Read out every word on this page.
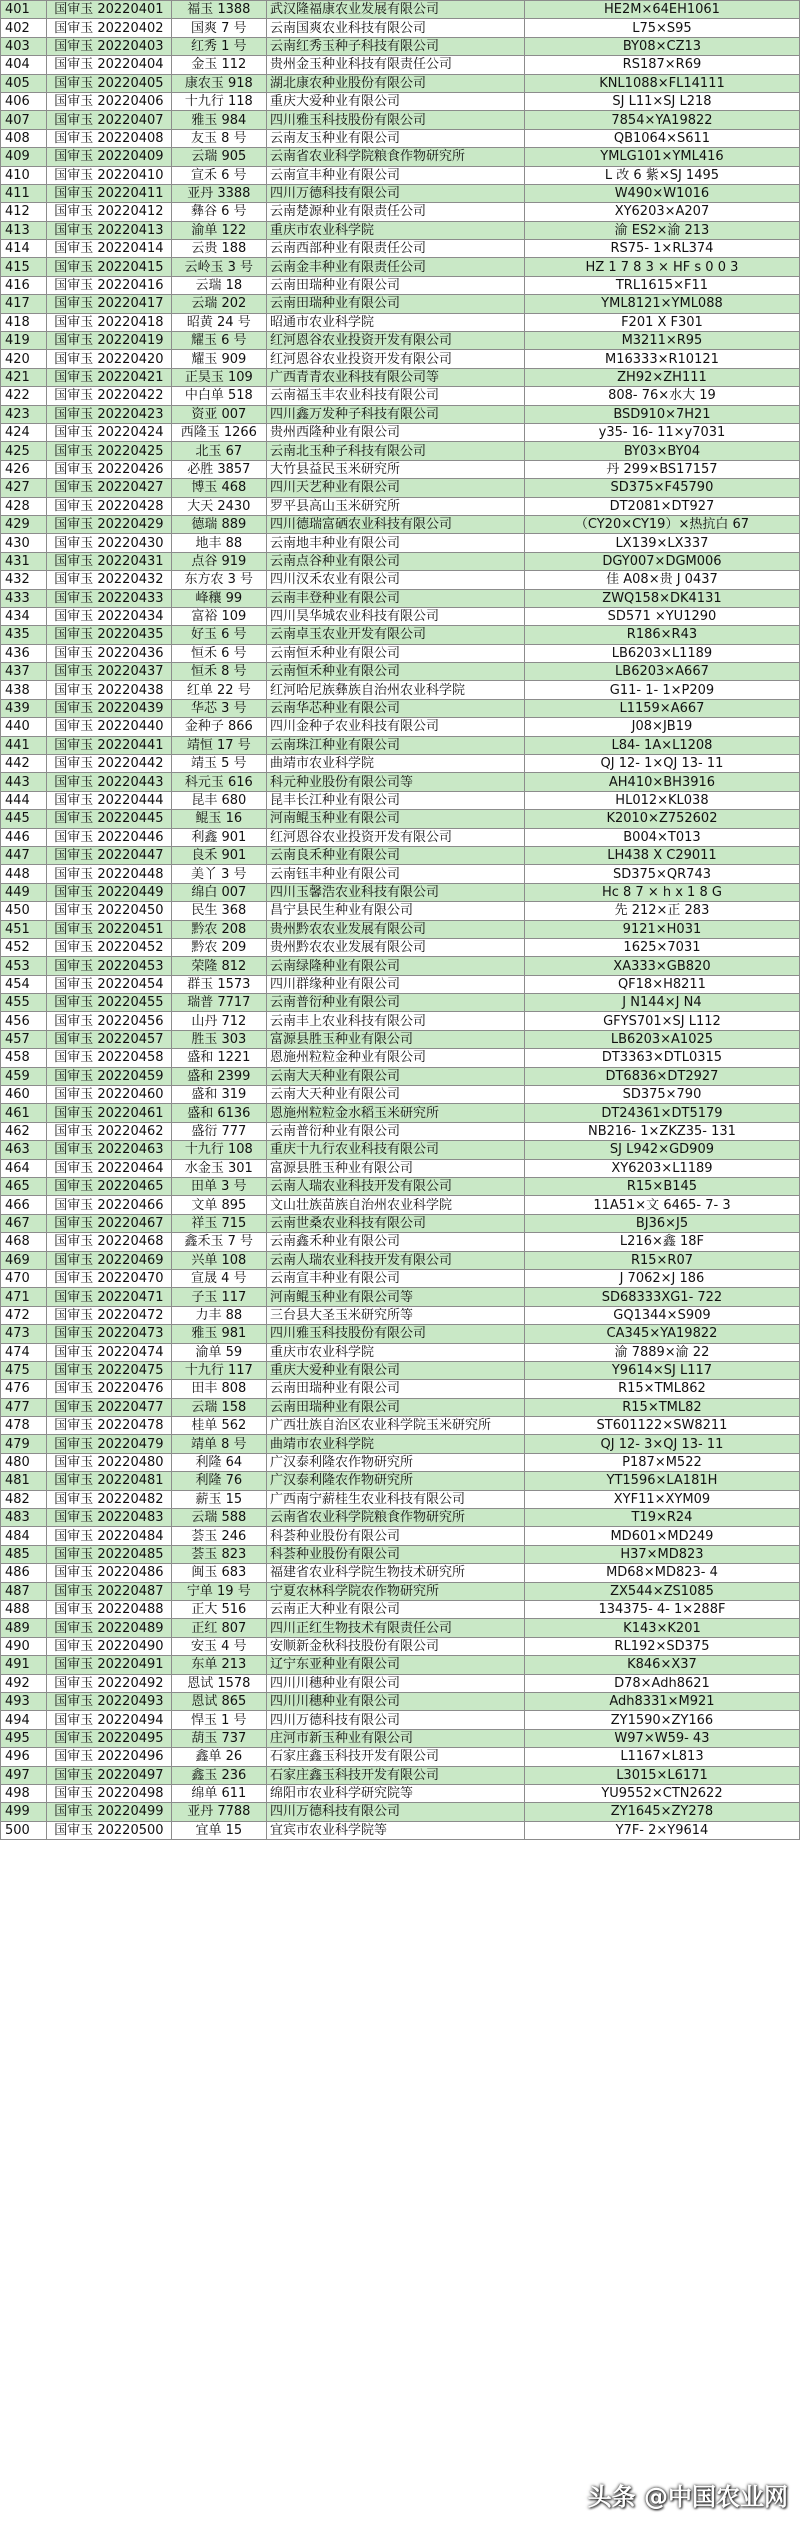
401	国审玉 20220401	福玉 1388	武汉隆福康农业发展有限公司	HE2M×64EH1061
402	国审玉 20220402	国爽 7 号	云南国爽农业科技有限公司	L75×S95
403	国审玉 20220403	红秀 1 号	云南红秀玉种子科技有限公司	BY08×CZ13
404	国审玉 20220404	金玉 112	贵州金玉种业科技有限责任公司	RS187×R69
405	国审玉 20220405	康农玉 918	湖北康农种业股份有限公司	KNL1088×FL14111
406	国审玉 20220406	十九行 118	重庆大爱种业有限公司	SJ L11×SJ L218
407	国审玉 20220407	雅玉 984	四川雅玉科技股份有限公司	7854×YA19822
408	国审玉 20220408	友玉 8 号	云南友玉种业有限公司	QB1064×S611
409	国审玉 20220409	云瑞 905	云南省农业科学院粮食作物研究所	YMLG101×YML416
410	国审玉 20220410	宣禾 6 号	云南宣丰种业有限公司	L 改 6 紫×SJ 1495
411	国审玉 20220411	亚丹 3388	四川万德科技有限公司	W490×W1016
412	国审玉 20220412	彝谷 6 号	云南楚源种业有限责任公司	XY6203×A207
413	国审玉 20220413	渝单 122	重庆市农业科学院	渝 ES2×渝 213
414	国审玉 20220414	云贵 188	云南西部种业有限责任公司	RS75- 1×RL374
415	国审玉 20220415	云岭玉 3 号	云南金丰种业有限责任公司	HZ 1 7 8 3 × HF s 0 0 3
416	国审玉 20220416	云瑞 18	云南田瑞种业有限公司	TRL1615×F11
417	国审玉 20220417	云瑞 202	云南田瑞种业有限公司	YML8121×YML088
418	国审玉 20220418	昭黄 24 号	昭通市农业科学院	F201 X F301
419	国审玉 20220419	耀玉 6 号	红河恩谷农业投资开发有限公司	M3211×R95
420	国审玉 20220420	耀玉 909	红河恩谷农业投资开发有限公司	M16333×R10121
421	国审玉 20220421	正昊玉 109	广西青青农业科技有限公司等	ZH92×ZH111
422	国审玉 20220422	中白单 518	云南福玉丰农业科技有限公司	808- 76×水大 19
423	国审玉 20220423	资亚 007	四川鑫万发种子科技有限公司	BSD910×7H21
424	国审玉 20220424	西隆玉 1266	贵州西隆种业有限公司	y35- 16- 11×y7031
425	国审玉 20220425	北玉 67	云南北玉种子科技有限公司	BY03×BY04
426	国审玉 20220426	必胜 3857	大竹县益民玉米研究所	丹 299×BS17157
427	国审玉 20220427	博玉 468	四川天艺种业有限公司	SD375×F45790
428	国审玉 20220428	大天 2430	罗平县高山玉米研究所	DT2081×DT927
429	国审玉 20220429	德瑞 889	四川德瑞富硒农业科技有限公司	（CY20×CY19）×热抗白 67
430	国审玉 20220430	地丰 88	云南地丰种业有限公司	LX139×LX337
431	国审玉 20220431	点谷 919	云南点谷种业有限公司	DGY007×DGM006
432	国审玉 20220432	东方农 3 号	四川汉禾农业有限公司	佳 A08×贵 J 0437
433	国审玉 20220433	峰穰 99	云南丰登种业有限公司	ZWQ158×DK4131
434	国审玉 20220434	富裕 109	四川昊华城农业科技有限公司	SD571 ×YU1290
435	国审玉 20220435	好玉 6 号	云南卓玉农业开发有限公司	R186×R43
436	国审玉 20220436	恒禾 6 号	云南恒禾种业有限公司	LB6203×L1189
437	国审玉 20220437	恒禾 8 号	云南恒禾种业有限公司	LB6203×A667
438	国审玉 20220438	红单 22 号	红河哈尼族彝族自治州农业科学院	G11- 1- 1×P209
439	国审玉 20220439	华芯 3 号	云南华芯种业有限公司	L1159×A667
440	国审玉 20220440	金种子 866	四川金种子农业科技有限公司	J08×JB19
441	国审玉 20220441	靖恒 17 号	云南珠江种业有限公司	L84- 1A×L1208
442	国审玉 20220442	靖玉 5 号	曲靖市农业科学院	QJ 12- 1×QJ 13- 11
443	国审玉 20220443	科元玉 616	科元种业股份有限公司等	AH410×BH3916
444	国审玉 20220444	昆丰 680	昆丰长江种业有限公司	HL012×KL038
445	国审玉 20220445	鲲玉 16	河南鲲玉种业有限公司	K2010×Z752602
446	国审玉 20220446	利鑫 901	红河恩谷农业投资开发有限公司	B004×T013
447	国审玉 20220447	良禾 901	云南良禾种业有限公司	LH438 X C29011
448	国审玉 20220448	美丫 3 号	云南钰丰种业有限公司	SD375×QR743
449	国审玉 20220449	绵白 007	四川玉馨浩农业科技有限公司	Hc 8 7 × h x 1 8 G
450	国审玉 20220450	民生 368	昌宁县民生种业有限公司	先 212×正 283
451	国审玉 20220451	黔农 208	贵州黔农农业发展有限公司	9121×H031
452	国审玉 20220452	黔农 209	贵州黔农农业发展有限公司	1625×7031
453	国审玉 20220453	荣隆 812	云南绿隆种业有限公司	XA333×GB820
454	国审玉 20220454	群玉 1573	四川群缘种业有限公司	QF18×H8211
455	国审玉 20220455	瑞普 7717	云南普衍种业有限公司	J N144×J N4
456	国审玉 20220456	山丹 712	云南丰上农业科技有限公司	GFYS701×SJ L112
457	国审玉 20220457	胜玉 303	富源县胜玉种业有限公司	LB6203×A1025
458	国审玉 20220458	盛和 1221	恩施州粒粒金种业有限公司	DT3363×DTL0315
459	国审玉 20220459	盛和 2399	云南大天种业有限公司	DT6836×DT2927
460	国审玉 20220460	盛和 319	云南大天种业有限公司	SD375×790
461	国审玉 20220461	盛和 6136	恩施州粒粒金水稻玉米研究所	DT24361×DT5179
462	国审玉 20220462	盛衍 777	云南普衍种业有限公司	NB216- 1×ZKZ35- 131
463	国审玉 20220463	十九行 108	重庆十九行农业科技有限公司	SJ L942×GD909
464	国审玉 20220464	水金玉 301	富源县胜玉种业有限公司	XY6203×L1189
465	国审玉 20220465	田单 3 号	云南人瑞农业科技开发有限公司	R15×B145
466	国审玉 20220466	文单 895	文山壮族苗族自治州农业科学院	11A51×文 6465- 7- 3
467	国审玉 20220467	祥玉 715	云南世桑农业科技有限公司	BJ36×J5
468	国审玉 20220468	鑫禾玉 7 号	云南鑫禾种业有限公司	L216×鑫 18F
469	国审玉 20220469	兴单 108	云南人瑞农业科技开发有限公司	R15×R07
470	国审玉 20220470	宣晟 4 号	云南宣丰种业有限公司	J 7062×J 186
471	国审玉 20220471	子玉 117	河南鲲玉种业有限公司等	SD68333XG1- 722
472	国审玉 20220472	力丰 88	三台县大圣玉米研究所等	GQ1344×S909
473	国审玉 20220473	雅玉 981	四川雅玉科技股份有限公司	CA345×YA19822
474	国审玉 20220474	渝单 59	重庆市农业科学院	渝 7889×渝 22
475	国审玉 20220475	十九行 117	重庆大爱种业有限公司	Y9614×SJ L117
476	国审玉 20220476	田丰 808	云南田瑞种业有限公司	R15×TML862
477	国审玉 20220477	云瑞 158	云南田瑞种业有限公司	R15×TML82
478	国审玉 20220478	桂单 562	广西壮族自治区农业科学院玉米研究所	ST601122×SW8211
479	国审玉 20220479	靖单 8 号	曲靖市农业科学院	QJ 12- 3×QJ 13- 11
480	国审玉 20220480	利隆 64	广汉泰利隆农作物研究所	P187×M522
481	国审玉 20220481	利隆 76	广汉泰利隆农作物研究所	YT1596×LA181H
482	国审玉 20220482	薪玉 15	广西南宁薪桂生农业科技有限公司	XYF11×XYM09
483	国审玉 20220483	云瑞 588	云南省农业科学院粮食作物研究所	T19×R24
484	国审玉 20220484	荟玉 246	科荟种业股份有限公司	MD601×MD249
485	国审玉 20220485	荟玉 823	科荟种业股份有限公司	H37×MD823
486	国审玉 20220486	闽玉 683	福建省农业科学院生物技术研究所	MD68×MD823- 4
487	国审玉 20220487	宁单 19 号	宁夏农林科学院农作物研究所	ZX544×ZS1085
488	国审玉 20220488	正大 516	云南正大种业有限公司	134375- 4- 1×288F
489	国审玉 20220489	正红 807	四川正红生物技术有限责任公司	K143×K201
490	国审玉 20220490	安玉 4 号	安顺新金秋科技股份有限公司	RL192×SD375
491	国审玉 20220491	东单 213	辽宁东亚种业有限公司	K846×X37
492	国审玉 20220492	恩试 1578	四川川穗种业有限公司	D78×Adh8621
493	国审玉 20220493	恩试 865	四川川穗种业有限公司	Adh8331×M921
494	国审玉 20220494	悍玉 1 号	四川万德科技有限公司	ZY1590×ZY166
495	国审玉 20220495	葫玉 737	庄河市新玉种业有限公司	W97×W59- 43
496	国审玉 20220496	鑫单 26	石家庄鑫玉科技开发有限公司	L1167×L813
497	国审玉 20220497	鑫玉 236	石家庄鑫玉科技开发有限公司	L3015×L6171
498	国审玉 20220498	绵单 611	绵阳市农业科学研究院等	YU9552×CTN2622
499	国审玉 20220499	亚丹 7788	四川万德科技有限公司	ZY1645×ZY278
500	国审玉 20220500	宜单 15	宜宾市农业科学院等	Y7F- 2×Y9614
头条 @中国农业网
